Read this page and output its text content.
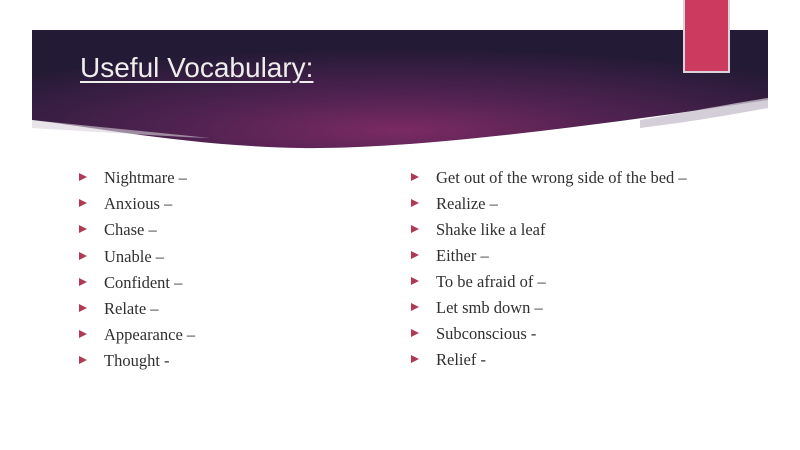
Useful Vocabulary:
Nightmare –
Anxious –
Chase –
Unable –
Confident –
Relate –
Appearance –
Thought -
Get out of the wrong side of the bed –
Realize –
Shake like a leaf
Either –
To be afraid of –
Let smb down –
Subconscious -
Relief -
